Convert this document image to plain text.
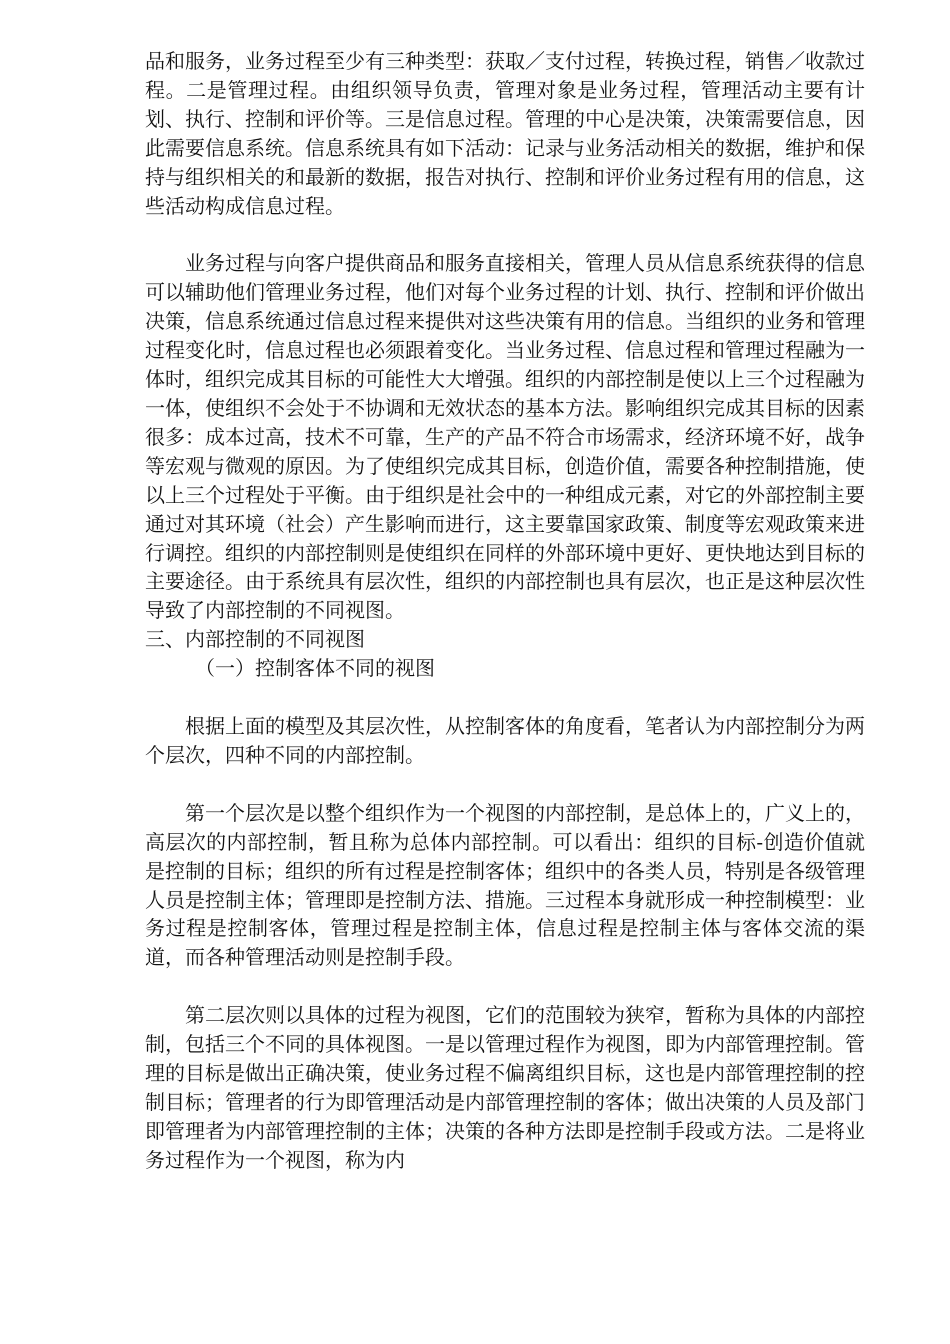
品和服务，业务过程至少有三种类型：获取／支付过程，转换过程，销售／收款过程。二是管理过程。由组织领导负责，管理对象是业务过程，管理活动主要有计划、执行、控制和评价等。三是信息过程。管理的中心是决策，决策需要信息，因此需要信息系统。信息系统具有如下活动：记录与业务活动相关的数据，维护和保持与组织相关的和最新的数据，报告对执行、控制和评价业务过程有用的信息，这些活动构成信息过程。

业务过程与向客户提供商品和服务直接相关，管理人员从信息系统获得的信息可以辅助他们管理业务过程，他们对每个业务过程的计划、执行、控制和评价做出决策，信息系统通过信息过程来提供对这些决策有用的信息。当组织的业务和管理过程变化时，信息过程也必须跟着变化。当业务过程、信息过程和管理过程融为一体时，组织完成其目标的可能性大大增强。组织的内部控制是使以上三个过程融为一体，使组织不会处于不协调和无效状态的基本方法。影响组织完成其目标的因素很多：成本过高，技术不可靠，生产的产品不符合市场需求，经济环境不好，战争等宏观与微观的原因。为了使组织完成其目标，创造价值，需要各种控制措施，使以上三个过程处于平衡。由于组织是社会中的一种组成元素，对它的外部控制主要通过对其环境（社会）产生影响而进行，这主要靠国家政策、制度等宏观政策来进行调控。组织的内部控制则是使组织在同样的外部环境中更好、更快地达到目标的主要途径。由于系统具有层次性，组织的内部控制也具有层次，也正是这种层次性导致了内部控制的不同视图。

三、内部控制的不同视图

（一）控制客体不同的视图

根据上面的模型及其层次性，从控制客体的角度看，笔者认为内部控制分为两个层次，四种不同的内部控制。

第一个层次是以整个组织作为一个视图的内部控制，是总体上的，广义上的，高层次的内部控制，暂且称为总体内部控制。可以看出：组织的目标-创造价值就是控制的目标；组织的所有过程是控制客体；组织中的各类人员，特别是各级管理人员是控制主体；管理即是控制方法、措施。三过程本身就形成一种控制模型：业务过程是控制客体，管理过程是控制主体，信息过程是控制主体与客体交流的渠道，而各种管理活动则是控制手段。

第二层次则以具体的过程为视图，它们的范围较为狭窄，暂称为具体的内部控制，包括三个不同的具体视图。一是以管理过程作为视图，即为内部管理控制。管理的目标是做出正确决策，使业务过程不偏离组织目标，这也是内部管理控制的控制目标；管理者的行为即管理活动是内部管理控制的客体；做出决策的人员及部门即管理者为内部管理控制的主体；决策的各种方法即是控制手段或方法。二是将业务过程作为一个视图，称为内
